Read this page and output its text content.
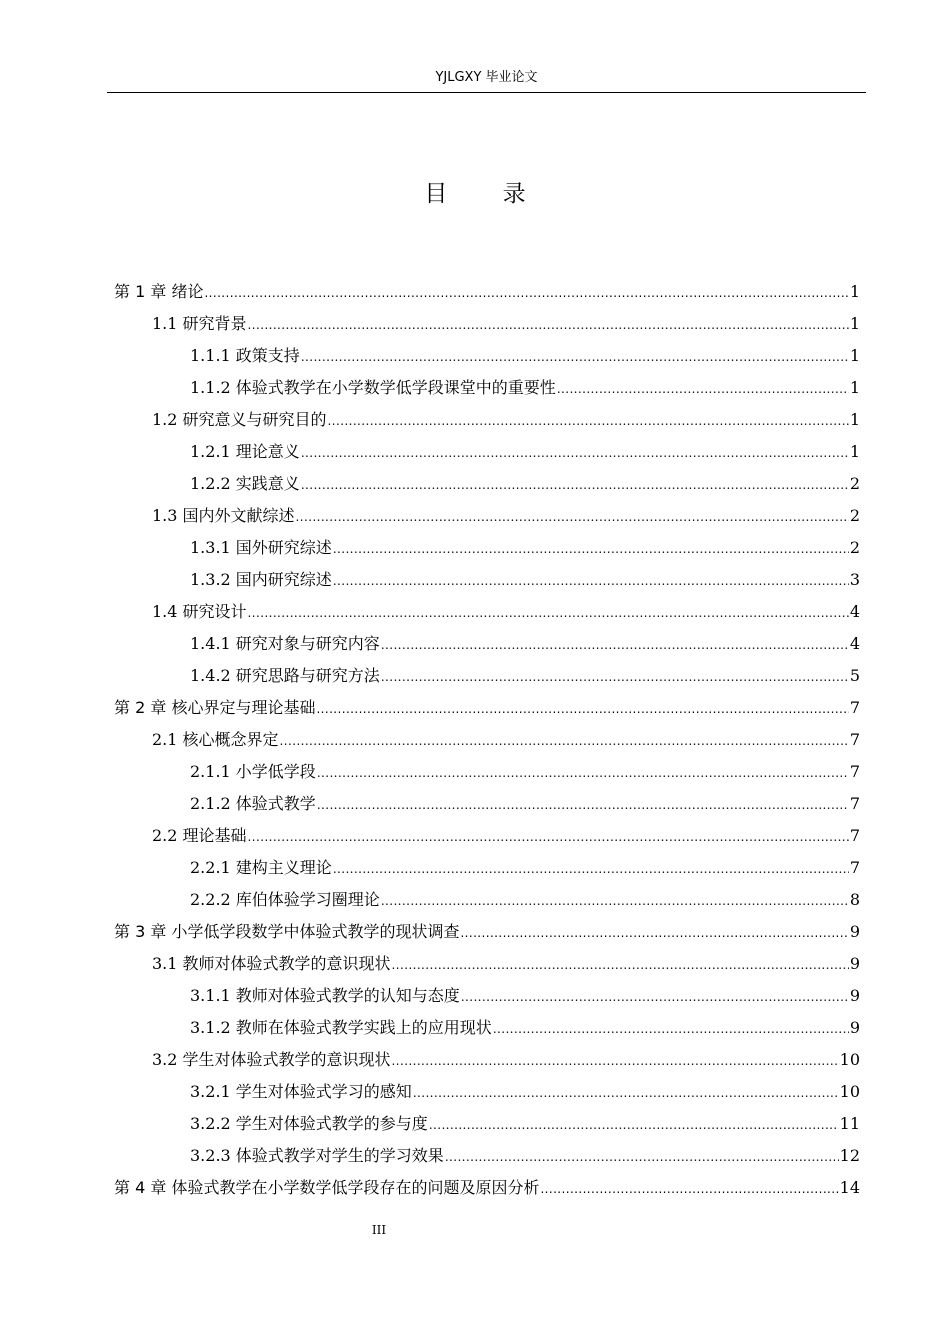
YJLGXY 毕业论文
目 录
第 1 章 绪论 .....	1
1.1 研究背景 .....	1
1.1.1 政策支持 .....	1
1.1.2 体验式教学在小学数学低学段课堂中的重要性 .....	1
1.2 研究意义与研究目的 .....	1
1.2.1 理论意义 .....	1
1.2.2 实践意义 .....	2
1.3 国内外文献综述 .....	2
1.3.1 国外研究综述 .....	2
1.3.2 国内研究综述 .....	3
1.4 研究设计 .....	4
1.4.1 研究对象与研究内容 .....	4
1.4.2 研究思路与研究方法 .....	5
第 2 章 核心界定与理论基础 .....	7
2.1 核心概念界定 .....	7
2.1.1 小学低学段 .....	7
2.1.2 体验式教学 .....	7
2.2 理论基础 .....	7
2.2.1 建构主义理论 .....	7
2.2.2 库伯体验学习圈理论 .....	8
第 3 章 小学低学段数学中体验式教学的现状调查 .....	9
3.1 教师对体验式教学的意识现状 .....	9
3.1.1 教师对体验式教学的认知与态度 .....	9
3.1.2 教师在体验式教学实践上的应用现状 .....	9
3.2 学生对体验式教学的意识现状 .....	10
3.2.1 学生对体验式学习的感知 .....	10
3.2.2 学生对体验式教学的参与度 .....	11
3.2.3 体验式教学对学生的学习效果 .....	12
第 4 章 体验式教学在小学数学低学段存在的问题及原因分析 .....	14
III
